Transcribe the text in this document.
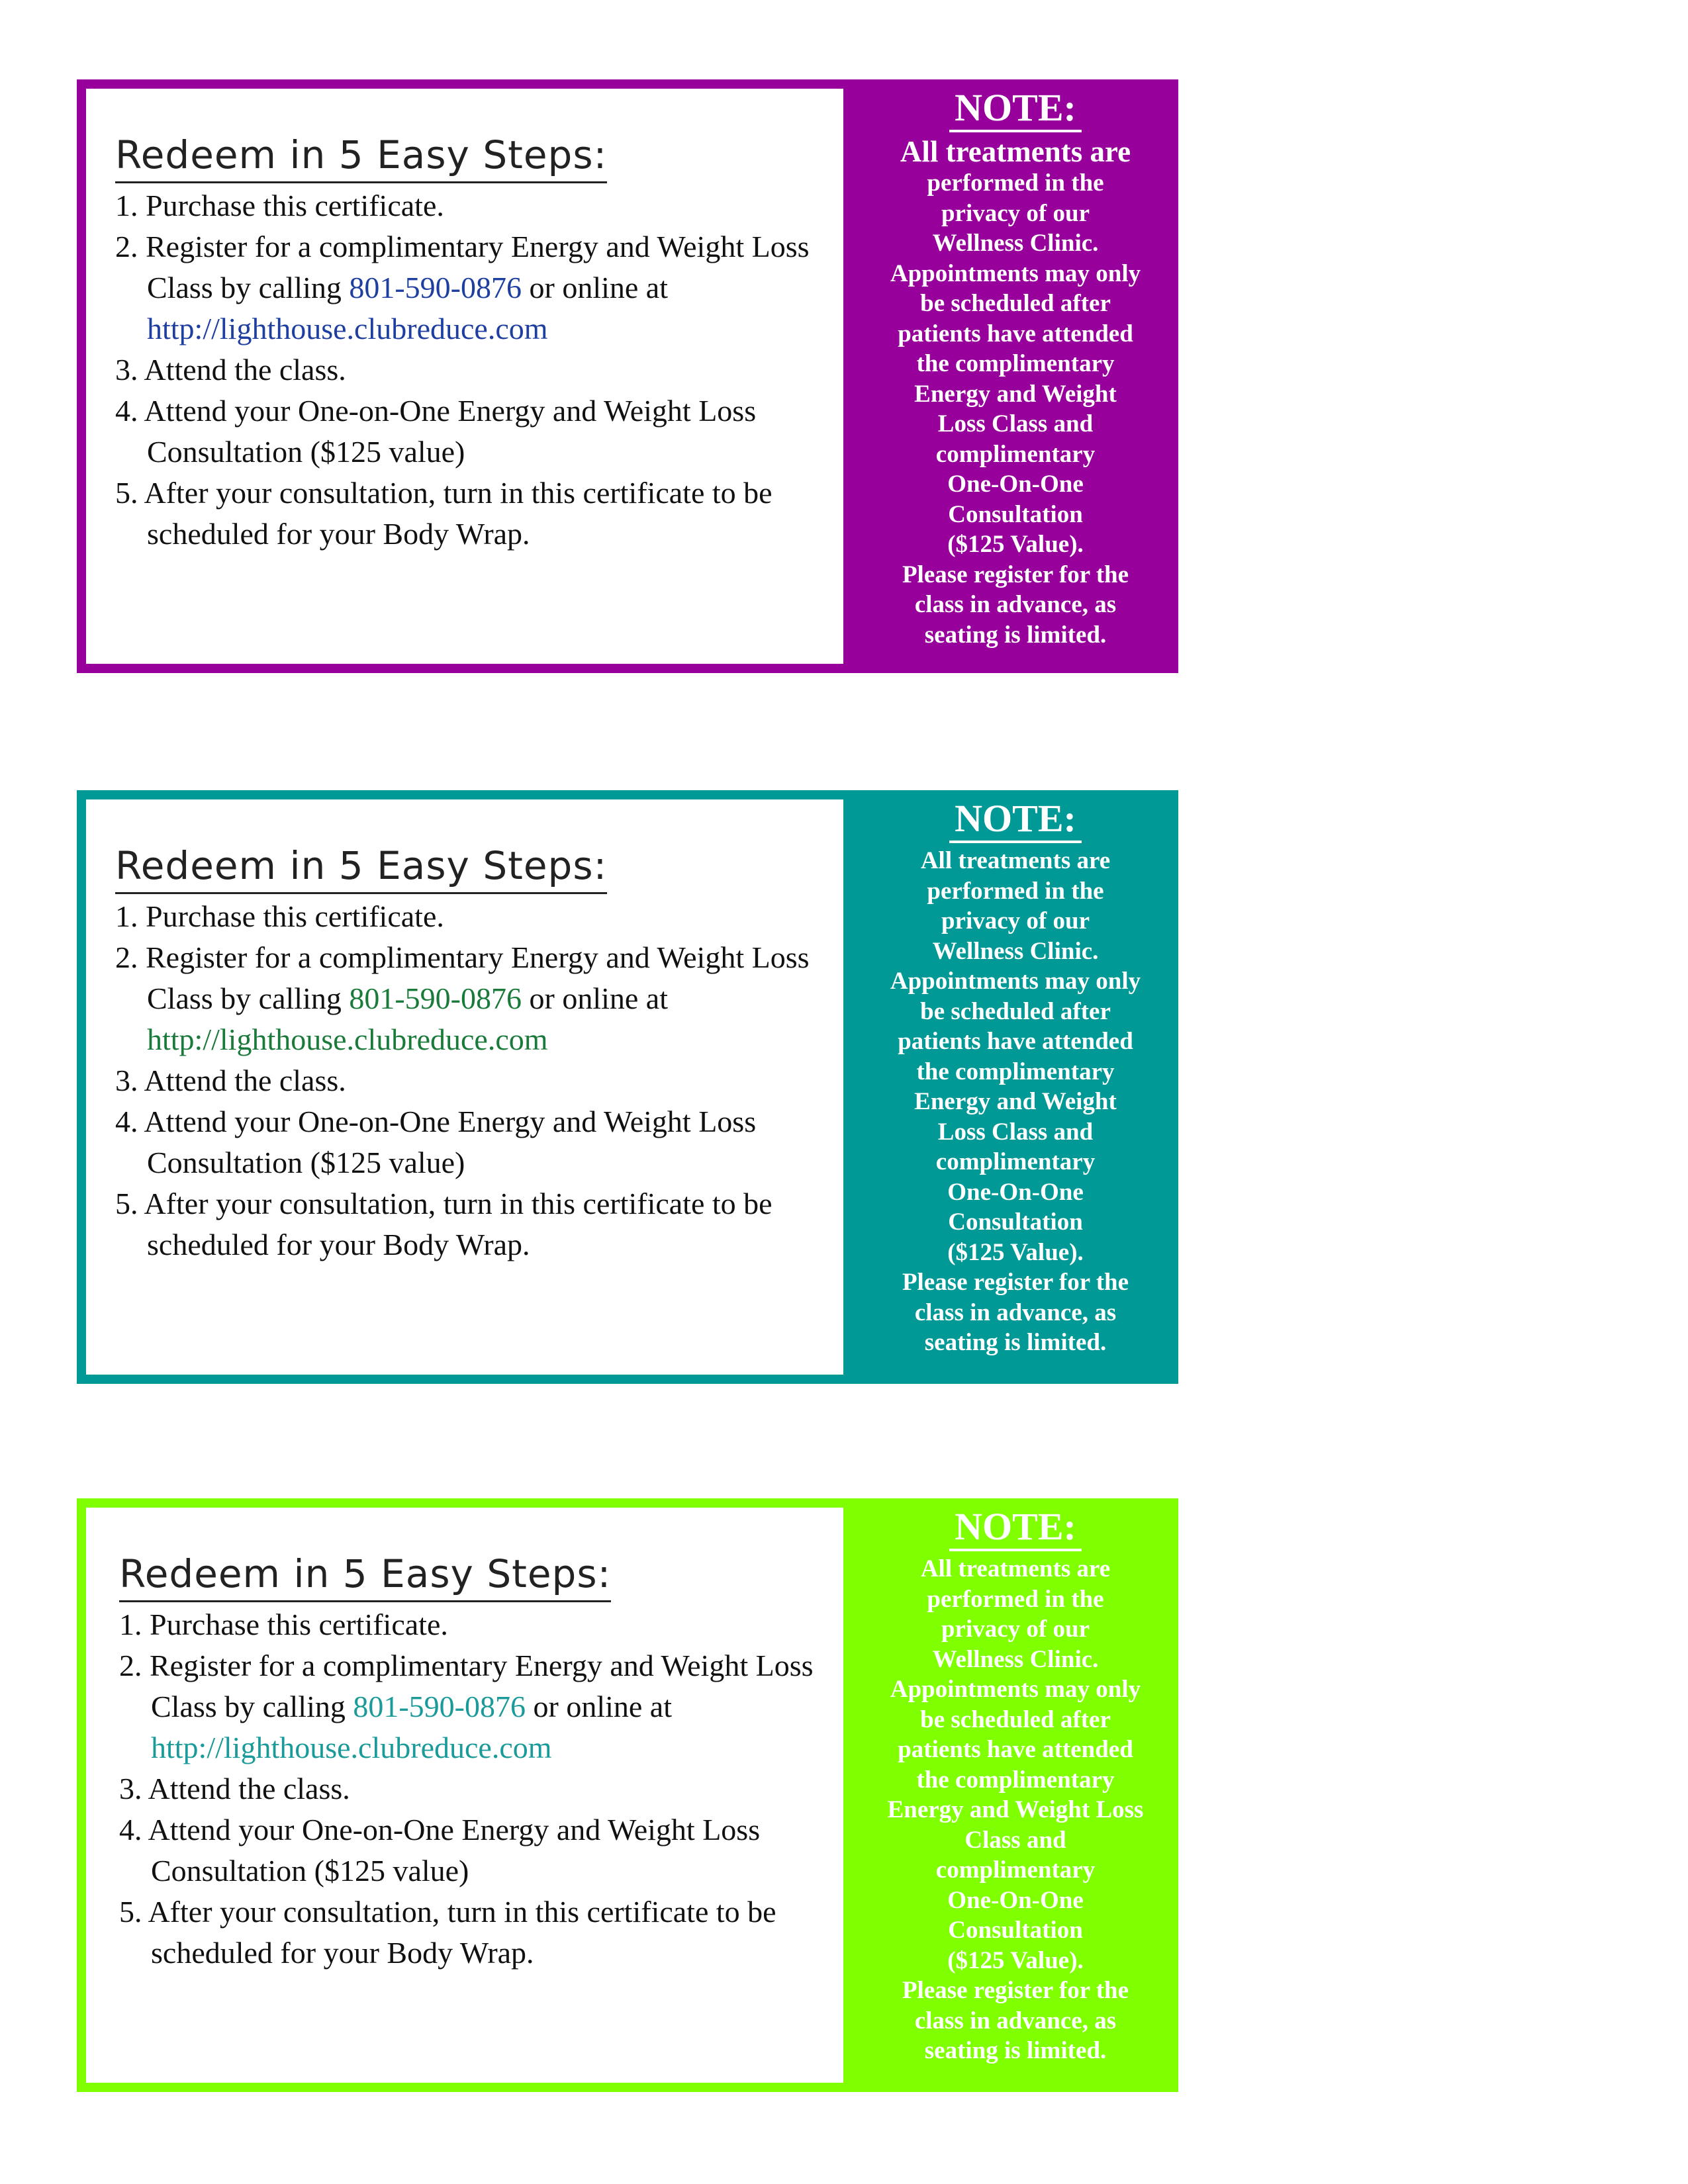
Redeem in 5 Easy Steps:
1. Purchase this certificate.
2. Register for a complimentary Energy and Weight Loss Class by calling 801-590-0876 or online at http://lighthouse.clubreduce.com
3. Attend the class.
4. Attend your One-on-One Energy and Weight Loss Consultation ($125 value)
5. After your consultation, turn in this certificate to be scheduled for your Body Wrap.
NOTE:
All treatments are
performed in the
privacy of our
Wellness Clinic.
Appointments may only
be scheduled after
patients have attended
the complimentary
Energy and Weight
Loss Class and
complimentary
One-On-One
Consultation
($125 Value).
Please register for the
class in advance, as
seating is limited.
Redeem in 5 Easy Steps:
1. Purchase this certificate.
2. Register for a complimentary Energy and Weight Loss Class by calling 801-590-0876 or online at http://lighthouse.clubreduce.com
3. Attend the class.
4. Attend your One-on-One Energy and Weight Loss Consultation ($125 value)
5. After your consultation, turn in this certificate to be scheduled for your Body Wrap.
NOTE:
All treatments are
performed in the
privacy of our
Wellness Clinic.
Appointments may only
be scheduled after
patients have attended
the complimentary
Energy and Weight
Loss Class and
complimentary
One-On-One
Consultation
($125 Value).
Please register for the
class in advance, as
seating is limited.
Redeem in 5 Easy Steps:
1. Purchase this certificate.
2. Register for a complimentary Energy and Weight Loss Class by calling 801-590-0876 or online at http://lighthouse.clubreduce.com
3. Attend the class.
4. Attend your One-on-One Energy and Weight Loss Consultation ($125 value)
5. After your consultation, turn in this certificate to be scheduled for your Body Wrap.
NOTE:
All treatments are
performed in the
privacy of our
Wellness Clinic.
Appointments may only
be scheduled after
patients have attended
the complimentary
Energy and Weight Loss
Class and
complimentary
One-On-One
Consultation
($125 Value).
Please register for the
class in advance, as
seating is limited.
